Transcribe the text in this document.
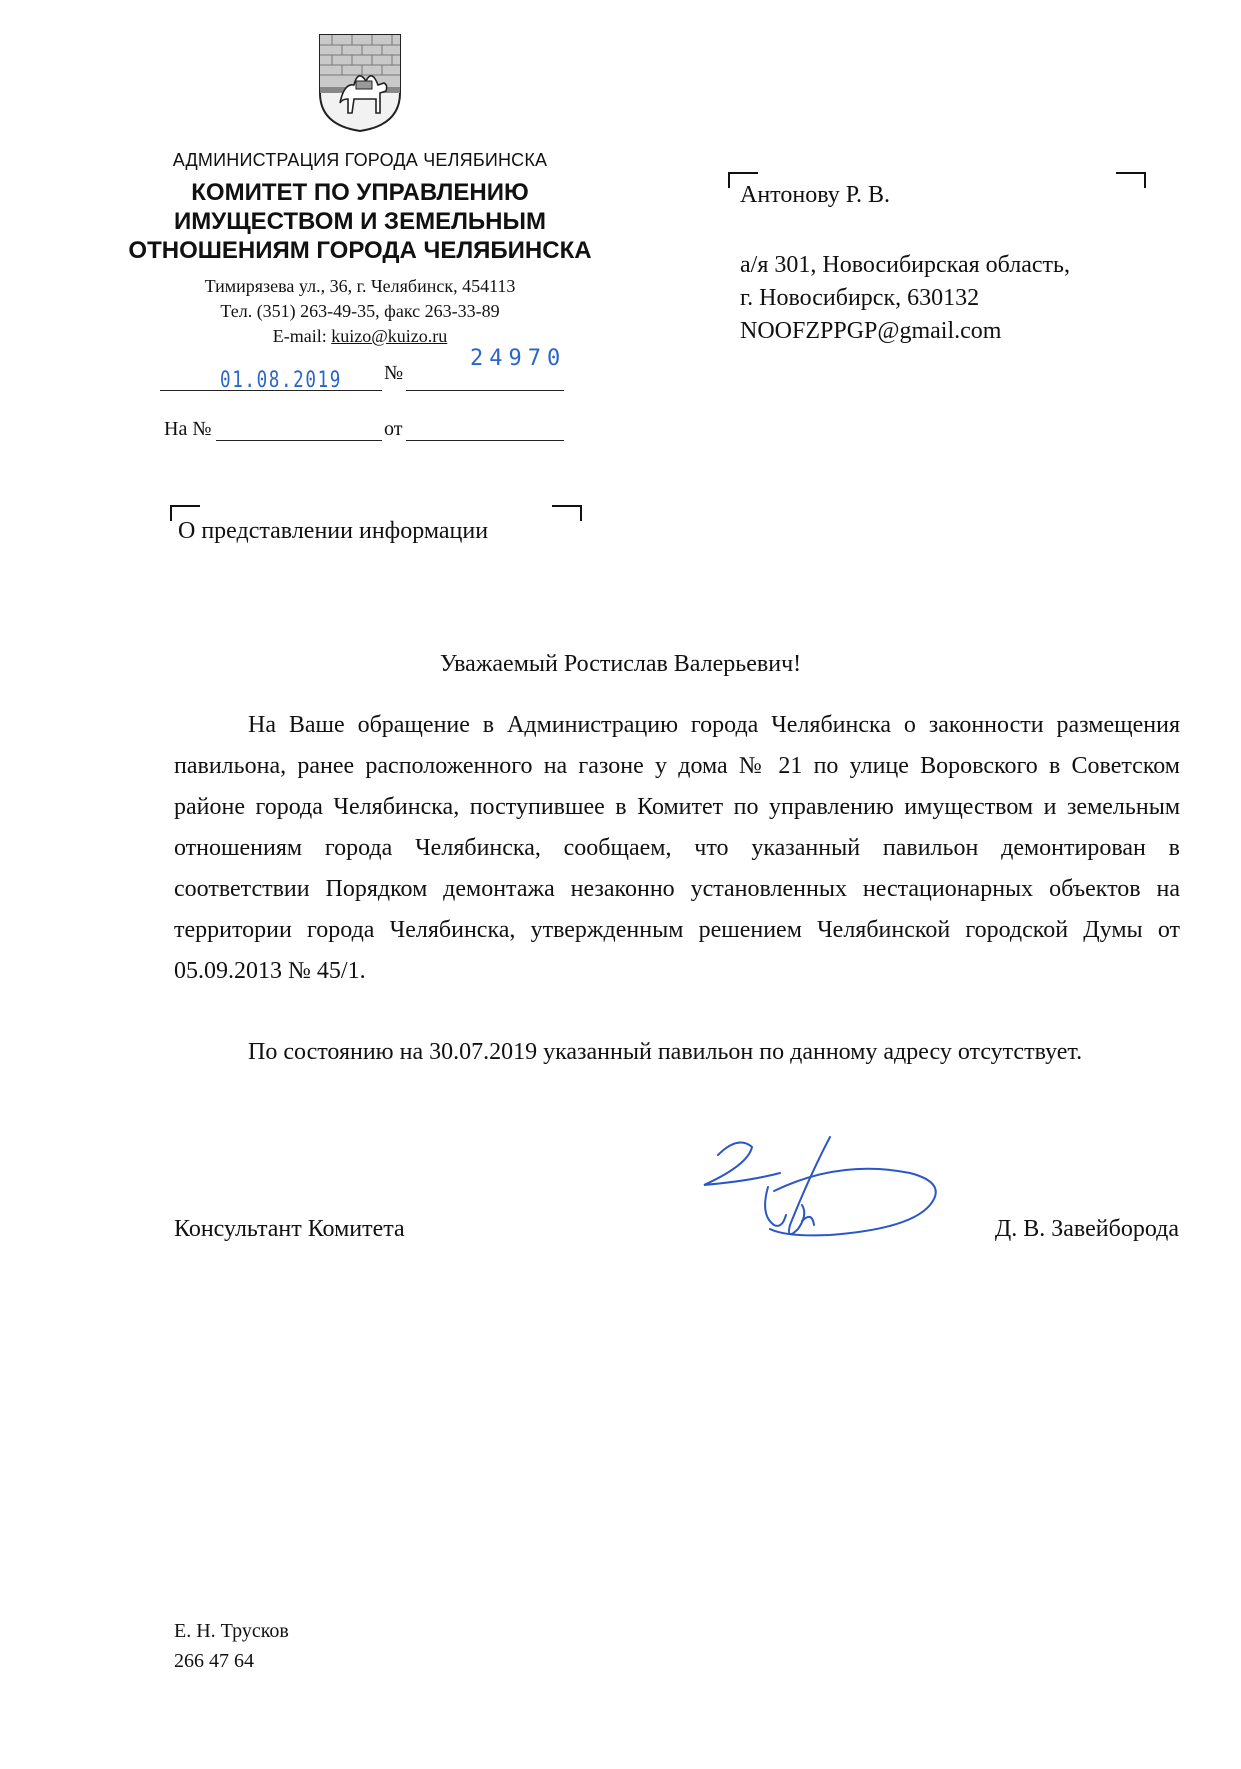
АДМИНИСТРАЦИЯ ГОРОДА ЧЕЛЯБИНСКА
КОМИТЕТ ПО УПРАВЛЕНИЮ
ИМУЩЕСТВОМ И ЗЕМЕЛЬНЫМ
ОТНОШЕНИЯМ ГОРОДА ЧЕЛЯБИНСКА
Тимирязева ул., 36, г. Челябинск, 454113
Тел. (351) 263-49-35, факс 263-33-89
E-mail: kuizo@kuizo.ru
01.08.2019 №
24970
На №	от
Антонову Р. В.
а/я 301, Новосибирская область,
г. Новосибирск, 630132
NOOFZPPGP@gmail.com
О представлении информации
Уважаемый Ростислав Валерьевич!

На Ваше обращение в Администрацию города Челябинска о законности размещения павильона, ранее расположенного на газоне у дома № 21 по улице Воровского в Советском районе города Челябинска, поступившее в Комитет по управлению имуществом и земельным отношениям города Челябинска, сообщаем, что указанный павильон демонтирован в соответствии Порядком демонтажа незаконно установленных нестационарных объектов на территории города Челябинска, утвержденным решением Челябинской городской Думы от 05.09.2013 № 45/1.

По состоянию на 30.07.2019 указанный павильон по данному адресу отсутствует.

Консультант Комитета	Д. В. Завейборода
Е. Н. Трусков
266 47 64
